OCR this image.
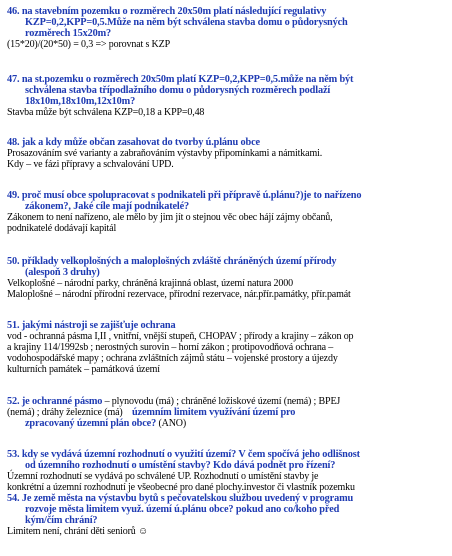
46. na stavebním pozemku o rozměrech 20x50m platí následující regulativy
KZP=0,2,KPP=0,5.Může na něm být schválena stavba domu o půdorysných
rozměrech 15x20m?
(15*20)/(20*50) = 0,3 => porovnat s KZP
47. na st.pozemku o rozměrech 20x50m platí KZP=0,2,KPP=0,5.může na něm být
schválena stavba třípodlažního domu o půdorysných rozměrech podlaží
18x10m,18x10m,12x10m?
Stavba může být schválena KZP=0,18 a KPP=0,48
48. jak a kdy může občan zasahovat do tvorby ú.plánu obce
Prosazováním své varianty a zabraňováním výstavby připomínkami a námitkami.
Kdy – ve fázi přípravy a schvalování UPD.
49. proč musí obce spolupracovat s podnikateli při přípravě ú.plánu?)je to nařízeno
zákonem?, Jaké cíle mají podnikatelé?
Zákonem to není nařízeno, ale mělo by jim jít o stejnou věc obec hájí zájmy občanů,
podnikatelé dodávají kapitál
50. příklady velkoplošných a maloplošných zvláště chráněných území přírody
(alespoň 3 druhy)
Velkoplošné – národní parky, chráněná krajinná oblast, území natura 2000
Maloplošné – národní přírodní rezervace, přírodní rezervace, nár.přír.památky, přír.památ
51. jakými nástroji se zajišťuje ochrana
vod - ochranná pásma I,II , vnitřní, vnější stupeň, CHOPAV ; přírody a krajiny – zákon op
a krajiny 114/1992sb ; nerostných surovin – horní zákon ; protipovodňová ochrana –
vodohospodářské mapy ; ochrana zvláštních zájmů státu – vojenské prostory a újezdy
kulturních památek – památková území
52. je ochranné pásmo – plynovodu (má) ; chráněné ložiskové území (nemá) ; BPEJ
(nemá) ; dráhy železnice (má) územním limitem využívání území pro
zpracovaný územní plán obce? (ANO)
53. kdy se vydává územní rozhodnutí o využití území? V čem spočívá jeho odlišnost
od územního rozhodnutí o umístění stavby? Kdo dává podnět pro řízení?
Územní rozhodnutí se vydává po schválené UP. Rozhodnutí o umístění stavby je
konkrétní a územní rozhodnutí je všeobecné pro dané plochy.investor či vlastník pozemku
54. Je země města na výstavbu bytů s pečovatelskou službou uvedený v programu
rozvoje města limitem využ. území ú.plánu obce? pokud ano co/koho před
kým/čím chrání?
Limitem není, chrání děti seniorů ☺
